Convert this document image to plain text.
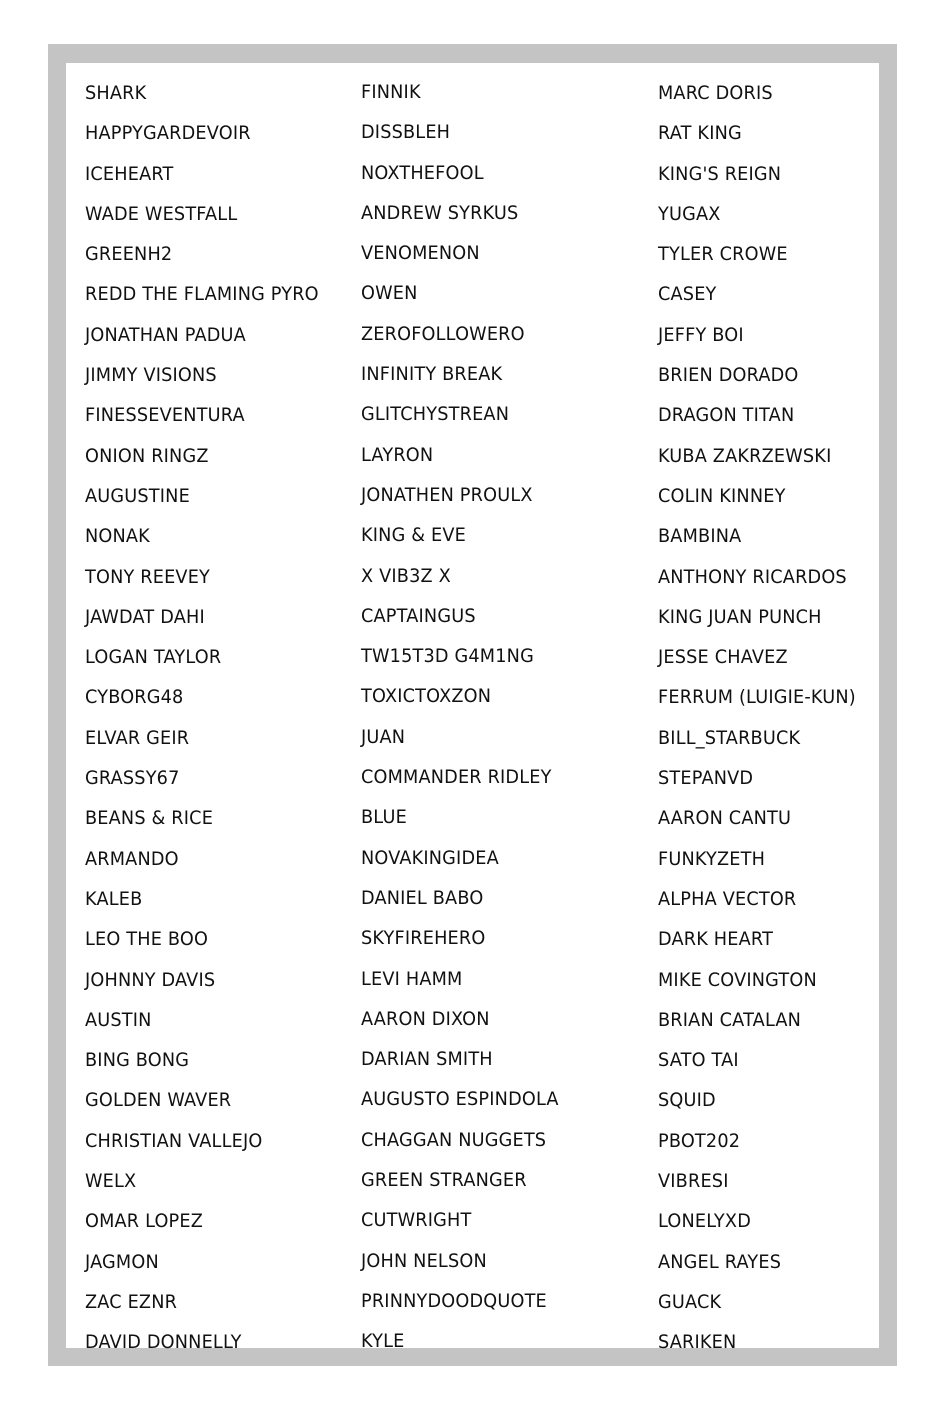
SHARK
HAPPYGARDEVOIR
ICEHEART
WADE WESTFALL
GREENH2
REDD THE FLAMING PYRO
JONATHAN PADUA
JIMMY VISIONS
FINESSEVENTURA
ONION RINGZ
AUGUSTINE
NONAK
TONY REEVEY
JAWDAT DAHI
LOGAN TAYLOR
CYBORG48
ELVAR GEIR
GRASSY67
BEANS & RICE
ARMANDO
KALEB
LEO THE BOO
JOHNNY DAVIS
AUSTIN
BING BONG
GOLDEN WAVER
CHRISTIAN VALLEJO
WELX
OMAR LOPEZ
JAGMON
ZAC EZNR
DAVID DONNELLY
FINNIK
DISSBLEH
NOXTHEFOOL
ANDREW SYRKUS
VENOMENON
OWEN
ZEROFOLLOWERO
INFINITY BREAK
GLITCHYSTREAN
LAYRON
JONATHEN PROULX
KING & EVE
X VIB3Z X
CAPTAINGUS
TW15T3D G4M1NG
TOXICTOXZON
JUAN
COMMANDER RIDLEY
BLUE
NOVAKINGIDEA
DANIEL BABO
SKYFIREHERO
LEVI HAMM
AARON DIXON
DARIAN SMITH
AUGUSTO ESPINDOLA
CHAGGAN NUGGETS
GREEN STRANGER
CUTWRIGHT
JOHN NELSON
PRINNYDOODQUOTE
KYLE
MARC DORIS
RAT KING
KING'S REIGN
YUGAX
TYLER CROWE
CASEY
JEFFY BOI
BRIEN DORADO
DRAGON TITAN
KUBA ZAKRZEWSKI
COLIN KINNEY
BAMBINA
ANTHONY RICARDOS
KING JUAN PUNCH
JESSE CHAVEZ
FERRUM (LUIGIE-KUN)
BILL_STARBUCK
STEPANVD
AARON CANTU
FUNKYZETH
ALPHA VECTOR
DARK HEART
MIKE COVINGTON
BRIAN CATALAN
SATO TAI
SQUID
PBOT202
VIBRESI
LONELYXD
ANGEL RAYES
GUACK
SARIKEN
